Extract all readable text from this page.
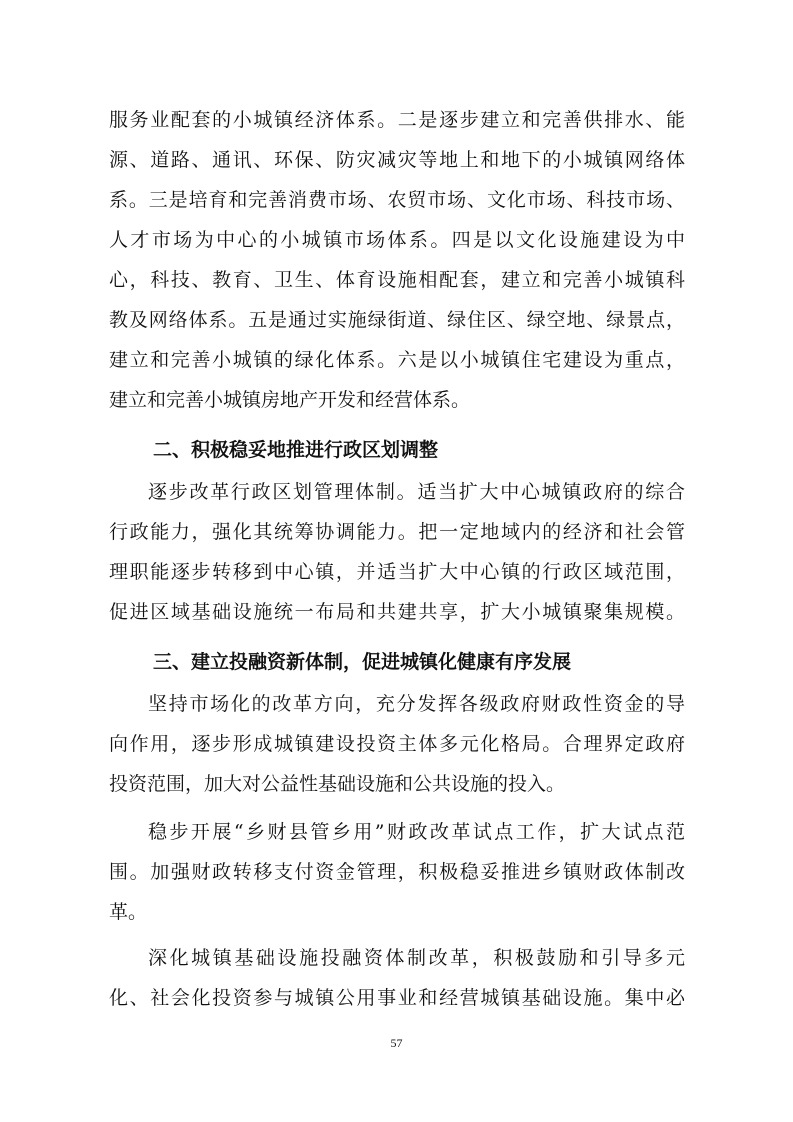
服务业配套的小城镇经济体系。二是逐步建立和完善供排水、能
源、道路、通讯、环保、防灾减灾等地上和地下的小城镇网络体
系。三是培育和完善消费市场、农贸市场、文化市场、科技市场、
人才市场为中心的小城镇市场体系。四是以文化设施建设为中
心，科技、教育、卫生、体育设施相配套，建立和完善小城镇科
教及网络体系。五是通过实施绿街道、绿住区、绿空地、绿景点，
建立和完善小城镇的绿化体系。六是以小城镇住宅建设为重点，
建立和完善小城镇房地产开发和经营体系。
二、积极稳妥地推进行政区划调整
逐步改革行政区划管理体制。适当扩大中心城镇政府的综合
行政能力，强化其统筹协调能力。把一定地域内的经济和社会管
理职能逐步转移到中心镇，并适当扩大中心镇的行政区域范围，
促进区域基础设施统一布局和共建共享，扩大小城镇聚集规模。
三、建立投融资新体制，促进城镇化健康有序发展
坚持市场化的改革方向，充分发挥各级政府财政性资金的导
向作用，逐步形成城镇建设投资主体多元化格局。合理界定政府
投资范围，加大对公益性基础设施和公共设施的投入。
稳步开展“乡财县管乡用”财政改革试点工作，扩大试点范
围。加强财政转移支付资金管理，积极稳妥推进乡镇财政体制改
革。
深化城镇基础设施投融资体制改革，积极鼓励和引导多元
化、社会化投资参与城镇公用事业和经营城镇基础设施。集中必
57
